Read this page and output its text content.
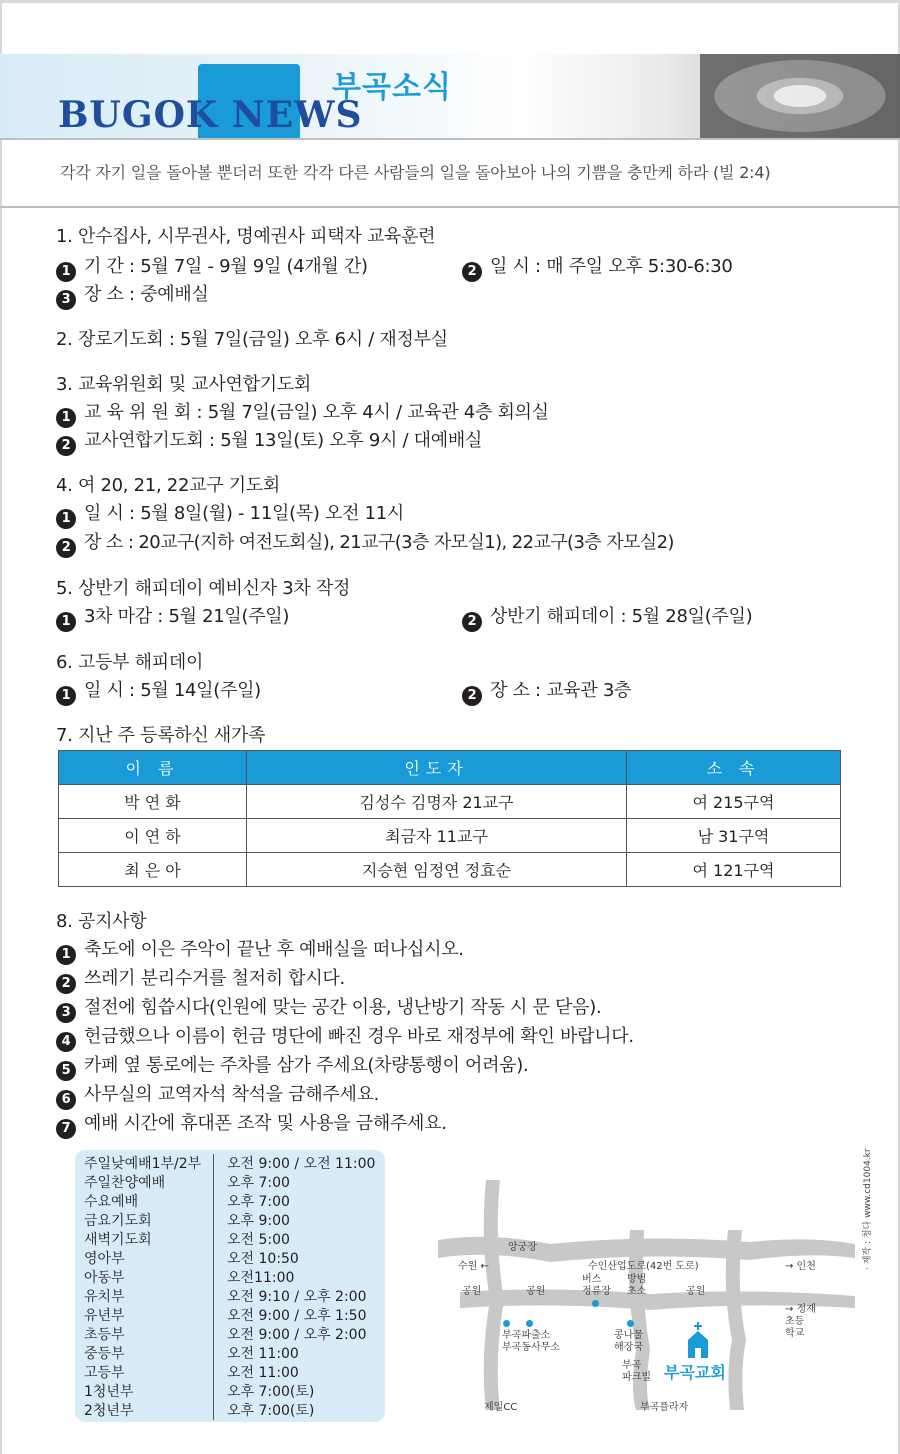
BUGOK NEWS
부곡소식
각각 자기 일을 돌아볼 뿐더러 또한 각각 다른 사람들의 일을 돌아보아 나의 기쁨을 충만케 하라 (빌 2:4)
1. 안수집사, 시무권사, 명예권사 피택자 교육훈련
1 기 간 : 5월 7일 - 9월 9일 (4개월 간)	2 일 시 : 매 주일 오후 5:30-6:30
3 장 소 : 중예배실
2. 장로기도회 : 5월 7일(금일) 오후 6시 / 재정부실
3. 교육위원회 및 교사연합기도회
1 교 육 위 원 회 : 5월 7일(금일) 오후 4시 / 교육관 4층 회의실
2 교사연합기도회 : 5월 13일(토) 오후 9시 / 대예배실
4. 여 20, 21, 22교구 기도회
1 일 시 : 5월 8일(월) - 11일(목) 오전 11시
2 장 소 : 20교구(지하 여전도회실), 21교구(3층 자모실1), 22교구(3층 자모실2)
5. 상반기 해피데이 예비신자 3차 작정
1 3차 마감 : 5월 21일(주일)	2 상반기 해피데이 : 5월 28일(주일)
6. 고등부 해피데이
1 일 시 : 5월 14일(주일)	2 장 소 : 교육관 3층
7. 지난 주 등록하신 새가족
이 름	인도자	소 속
박 연 화	김성수 김명자 21교구	여 215구역
이 연 하	최금자 11교구	남 31구역
최 은 아	지승현 임정연 정효순	여 121구역
8. 공지사항
1 축도에 이은 주악이 끝난 후 예배실을 떠나십시오.
2 쓰레기 분리수거를 철저히 합시다.
3 절전에 힘씁시다(인원에 맞는 공간 이용, 냉난방기 작동 시 문 닫음).
4 헌금했으나 이름이 헌금 명단에 빠진 경우 바로 재정부에 확인 바랍니다.
5 카페 옆 통로에는 주차를 삼가 주세요(차량통행이 어려움).
6 사무실의 교역자석 착석을 금해주세요.
7 예배 시간에 휴대폰 조작 및 사용을 금해주세요.
주일낮예배1부/2부 오전 9:00 / 오전 11:00
주일찬양예배	오후 7:00
수요예배	오후 7:00
금요기도회	오후 9:00
새벽기도회	오전 5:00
영아부	오전 10:50
아동부	오전11:00
유치부	오전 9:10 / 오후 2:00
유년부	오전 9:00 / 오후 1:50
초등부	오전 9:00 / 오후 2:00
중등부	오전 11:00
고등부	오전 11:00
1청년부	오후 7:00(토)
2청년부	오후 7:00(토)
앙궁장
수원 ←	수인산업도로(42번 도로)	→ 인천
공원	공원
버스
정류장
방범
초소	공원
→ 정재
초등
학교
부곡파출소
부곡동사무소
콩나물
해장국
부곡교회
부곡
파크빌
제일CC	부곡플라자
· 제작 : 청다 www.cd1004.kr
